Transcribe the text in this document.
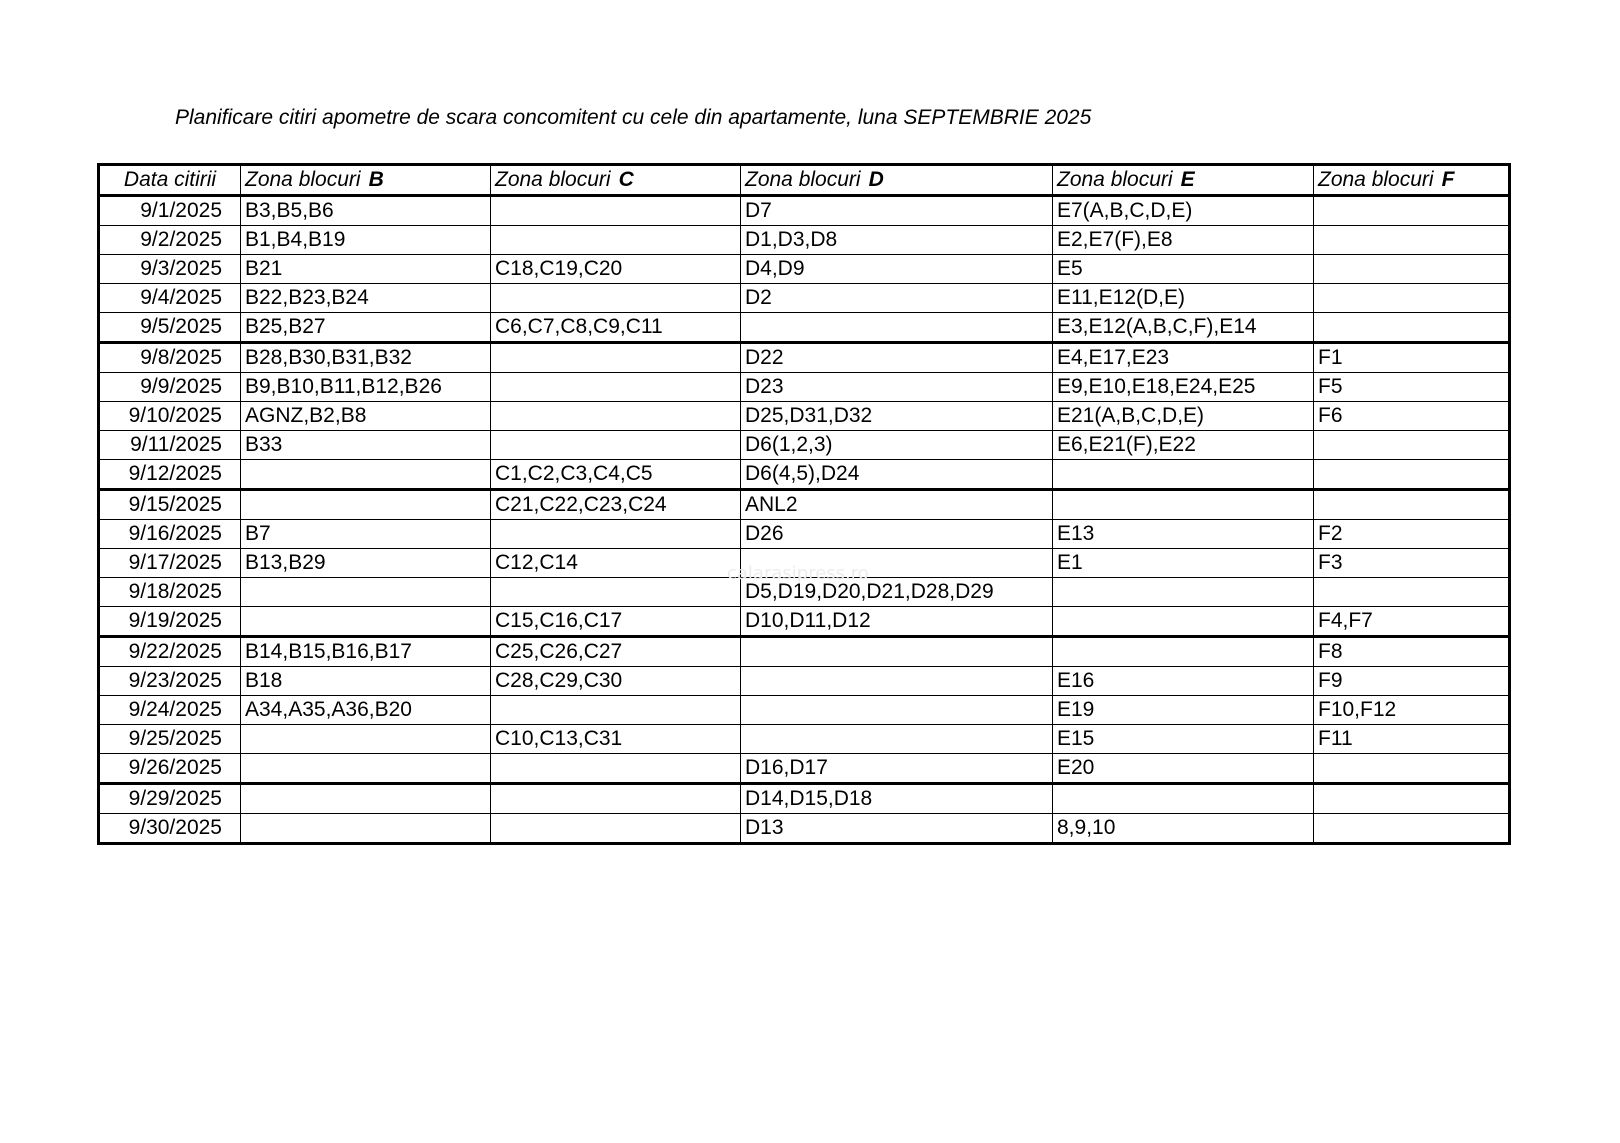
Planificare citiri apometre de scara concomitent cu cele din apartamente, luna SEPTEMBRIE 2025
Data citirii	Zona blocuri B	Zona blocuri C	Zona blocuri D	Zona blocuri E	Zona blocuri F
9/1/2025	B3,B5,B6		D7	E7(A,B,C,D,E)	
9/2/2025	B1,B4,B19		D1,D3,D8	E2,E7(F),E8	
9/3/2025	B21	C18,C19,C20	D4,D9	E5	
9/4/2025	B22,B23,B24		D2	E11,E12(D,E)	
9/5/2025	B25,B27	C6,C7,C8,C9,C11		E3,E12(A,B,C,F),E14	
9/8/2025	B28,B30,B31,B32		D22	E4,E17,E23	F1
9/9/2025	B9,B10,B11,B12,B26		D23	E9,E10,E18,E24,E25	F5
9/10/2025	AGNZ,B2,B8		D25,D31,D32	E21(A,B,C,D,E)	F6
9/11/2025	B33		D6(1,2,3)	E6,E21(F),E22	
9/12/2025		C1,C2,C3,C4,C5	D6(4,5),D24		
9/15/2025		C21,C22,C23,C24	ANL2		
9/16/2025	B7		D26	E13	F2
9/17/2025	B13,B29	C12,C14		E1	F3
9/18/2025			D5,D19,D20,D21,D28,D29		
9/19/2025		C15,C16,C17	D10,D11,D12		F4,F7
9/22/2025	B14,B15,B16,B17	C25,C26,C27			F8
9/23/2025	B18	C28,C29,C30		E16	F9
9/24/2025	A34,A35,A36,B20			E19	F10,F12
9/25/2025		C10,C13,C31		E15	F11
9/26/2025			D16,D17	E20	
9/29/2025			D14,D15,D18		
9/30/2025			D13	8,9,10	
calarasipress.ro
